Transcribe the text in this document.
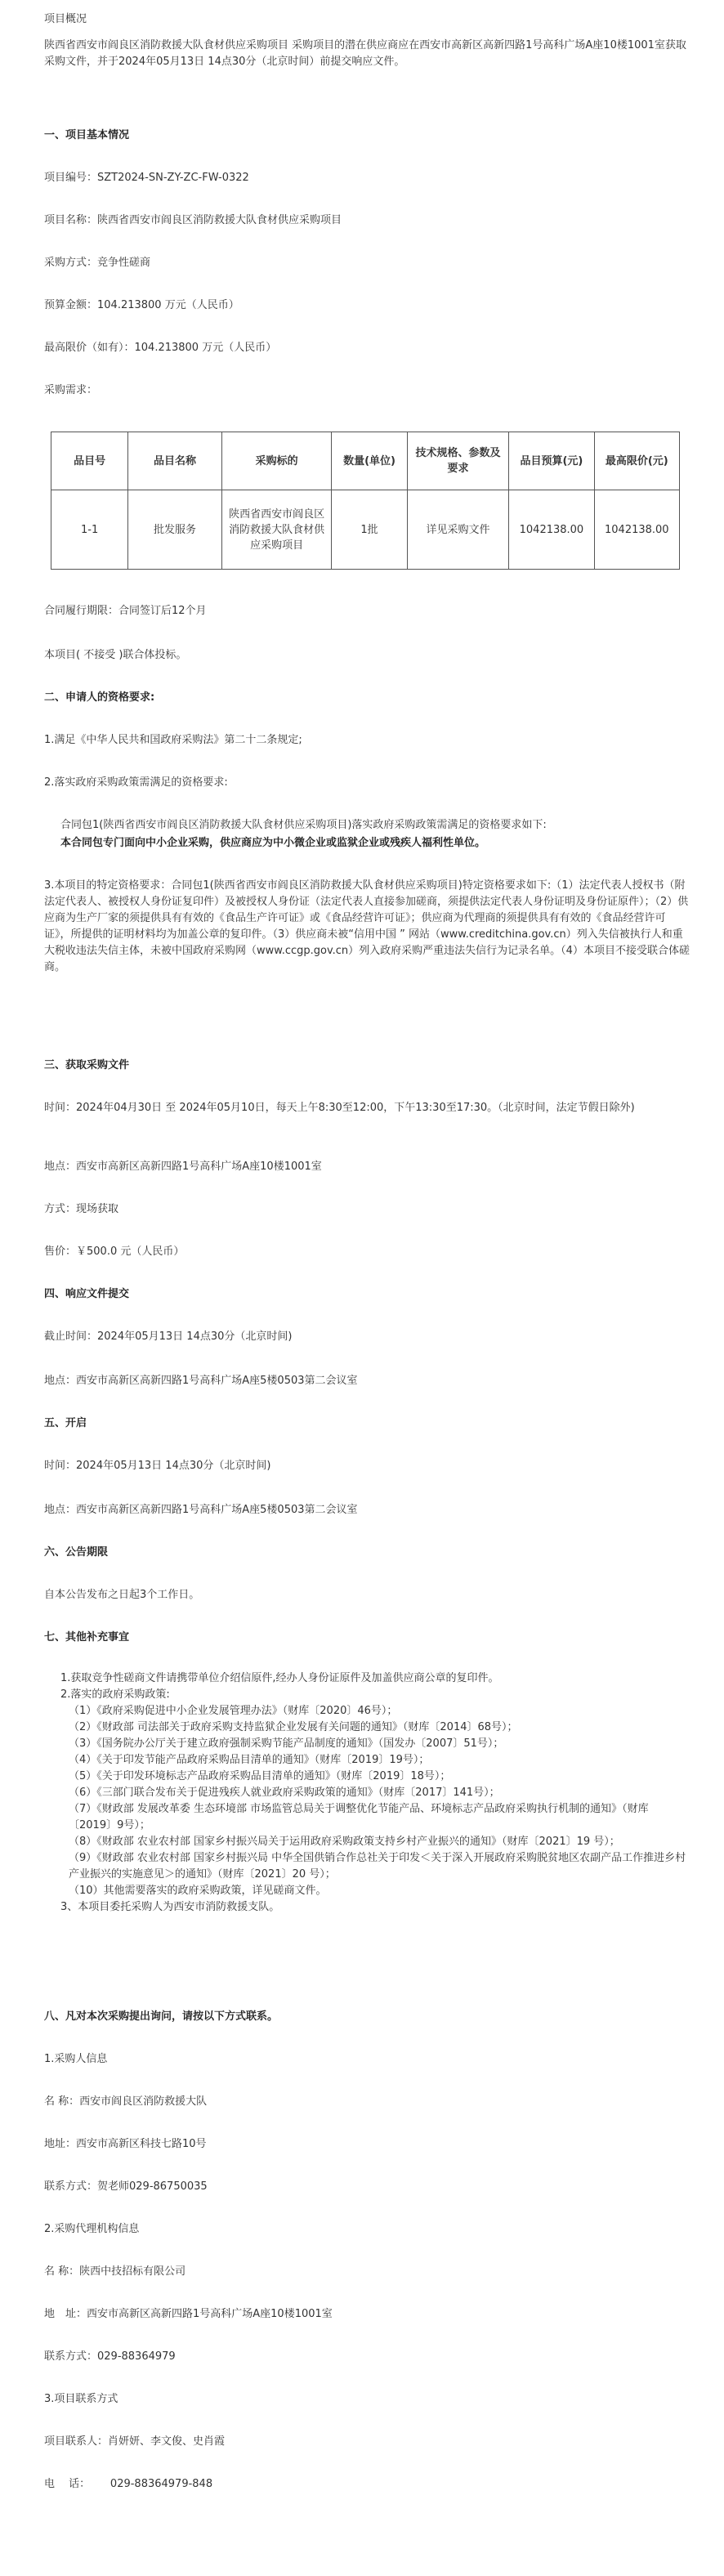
项目概况

陕西省西安市阎良区消防救援大队食材供应采购项目 采购项目的潜在供应商应在西安市高新区高新四路1号高科广场A座10楼1001室获取采购文件，并于2024年05月13日 14点30分（北京时间）前提交响应文件。

一、项目基本情况

项目编号：SZT2024-SN-ZY-ZC-FW-0322

项目名称：陕西省西安市阎良区消防救援大队食材供应采购项目

采购方式：竞争性磋商

预算金额：104.213800 万元（人民币）

最高限价（如有）：104.213800 万元（人民币）

采购需求：

品目号	品目名称	采购标的	数量(单位)	技术规格、参数及要求	品目预算(元)	最高限价(元)
1-1	批发服务	陕西省西安市阎良区消防救援大队食材供应采购项目	1批	详见采购文件	1042138.00	1042138.00

合同履行期限：合同签订后12个月

本项目( 不接受 )联合体投标。

二、申请人的资格要求:

1.满足《中华人民共和国政府采购法》第二十二条规定;

2.落实政府采购政策需满足的资格要求:

合同包1(陕西省西安市阎良区消防救援大队食材供应采购项目)落实政府采购政策需满足的资格要求如下:

本合同包专门面向中小企业采购，供应商应为中小微企业或监狱企业或残疾人福利性单位。

3.本项目的特定资格要求：合同包1(陕西省西安市阎良区消防救援大队食材供应采购项目)特定资格要求如下:（1）法定代表人授权书（附法定代表人、被授权人身份证复印件）及被授权人身份证（法定代表人直接参加磋商，须提供法定代表人身份证明及身份证原件）；（2）供应商为生产厂家的须提供具有有效的《食品生产许可证》或《食品经营许可证》；供应商为代理商的须提供具有有效的《食品经营许可证》，所提供的证明材料均为加盖公章的复印件。（3）供应商未被“信用中国 ” 网站（www.creditchina.gov.cn）列入失信被执行人和重大税收违法失信主体，未被中国政府采购网（www.ccgp.gov.cn）列入政府采购严重违法失信行为记录名单。（4）本项目不接受联合体磋商。

三、获取采购文件

时间：2024年04月30日 至 2024年05月10日，每天上午8:30至12:00，下午13:30至17:30。（北京时间，法定节假日除外)

地点：西安市高新区高新四路1号高科广场A座10楼1001室

方式：现场获取

售价：￥500.0 元（人民币）

四、响应文件提交

截止时间：2024年05月13日 14点30分（北京时间)

地点：西安市高新区高新四路1号高科广场A座5楼0503第二会议室

五、开启

时间：2024年05月13日 14点30分（北京时间)

地点：西安市高新区高新四路1号高科广场A座5楼0503第二会议室

六、公告期限

自本公告发布之日起3个工作日。

七、其他补充事宜

1.获取竞争性磋商文件请携带单位介绍信原件,经办人身份证原件及加盖供应商公章的复印件。
2.落实的政府采购政策:
（1）《政府采购促进中小企业发展管理办法》（财库〔2020〕46号）；
（2）《财政部 司法部关于政府采购支持监狱企业发展有关问题的通知》（财库〔2014〕68号）；
（3）《国务院办公厅关于建立政府强制采购节能产品制度的通知》（国发办〔2007〕51号）；
（4）《关于印发节能产品政府采购品目清单的通知》（财库〔2019〕19号）；
（5）《关于印发环境标志产品政府采购品目清单的通知》（财库〔2019〕18号）；
（6）《三部门联合发布关于促进残疾人就业政府采购政策的通知》（财库〔2017〕141号）；
（7）《财政部 发展改革委 生态环境部 市场监管总局关于调整优化节能产品、环境标志产品政府采购执行机制的通知》（财库〔2019〕9号）；
（8）《财政部 农业农村部 国家乡村振兴局关于运用政府采购政策支持乡村产业振兴的通知》（财库〔2021〕19 号）；
（9）《财政部 农业农村部 国家乡村振兴局 中华全国供销合作总社关于印发＜关于深入开展政府采购脱贫地区农副产品工作推进乡村产业振兴的实施意见＞的通知》（财库〔2021〕20 号）；
（10）其他需要落实的政府采购政策，详见磋商文件。
3、本项目委托采购人为西安市消防救援支队。

八、凡对本次采购提出询问，请按以下方式联系。

1.采购人信息

名 称：西安市阎良区消防救援大队

地址：西安市高新区科技七路10号

联系方式：贺老师029-86750035

2.采购代理机构信息

名 称：陕西中技招标有限公司

地　址：西安市高新区高新四路1号高科广场A座10楼1001室

联系方式：029-88364979

3.项目联系方式

项目联系人：肖妍妍、李文俊、史肖霞

电　 话：      029-88364979-848
